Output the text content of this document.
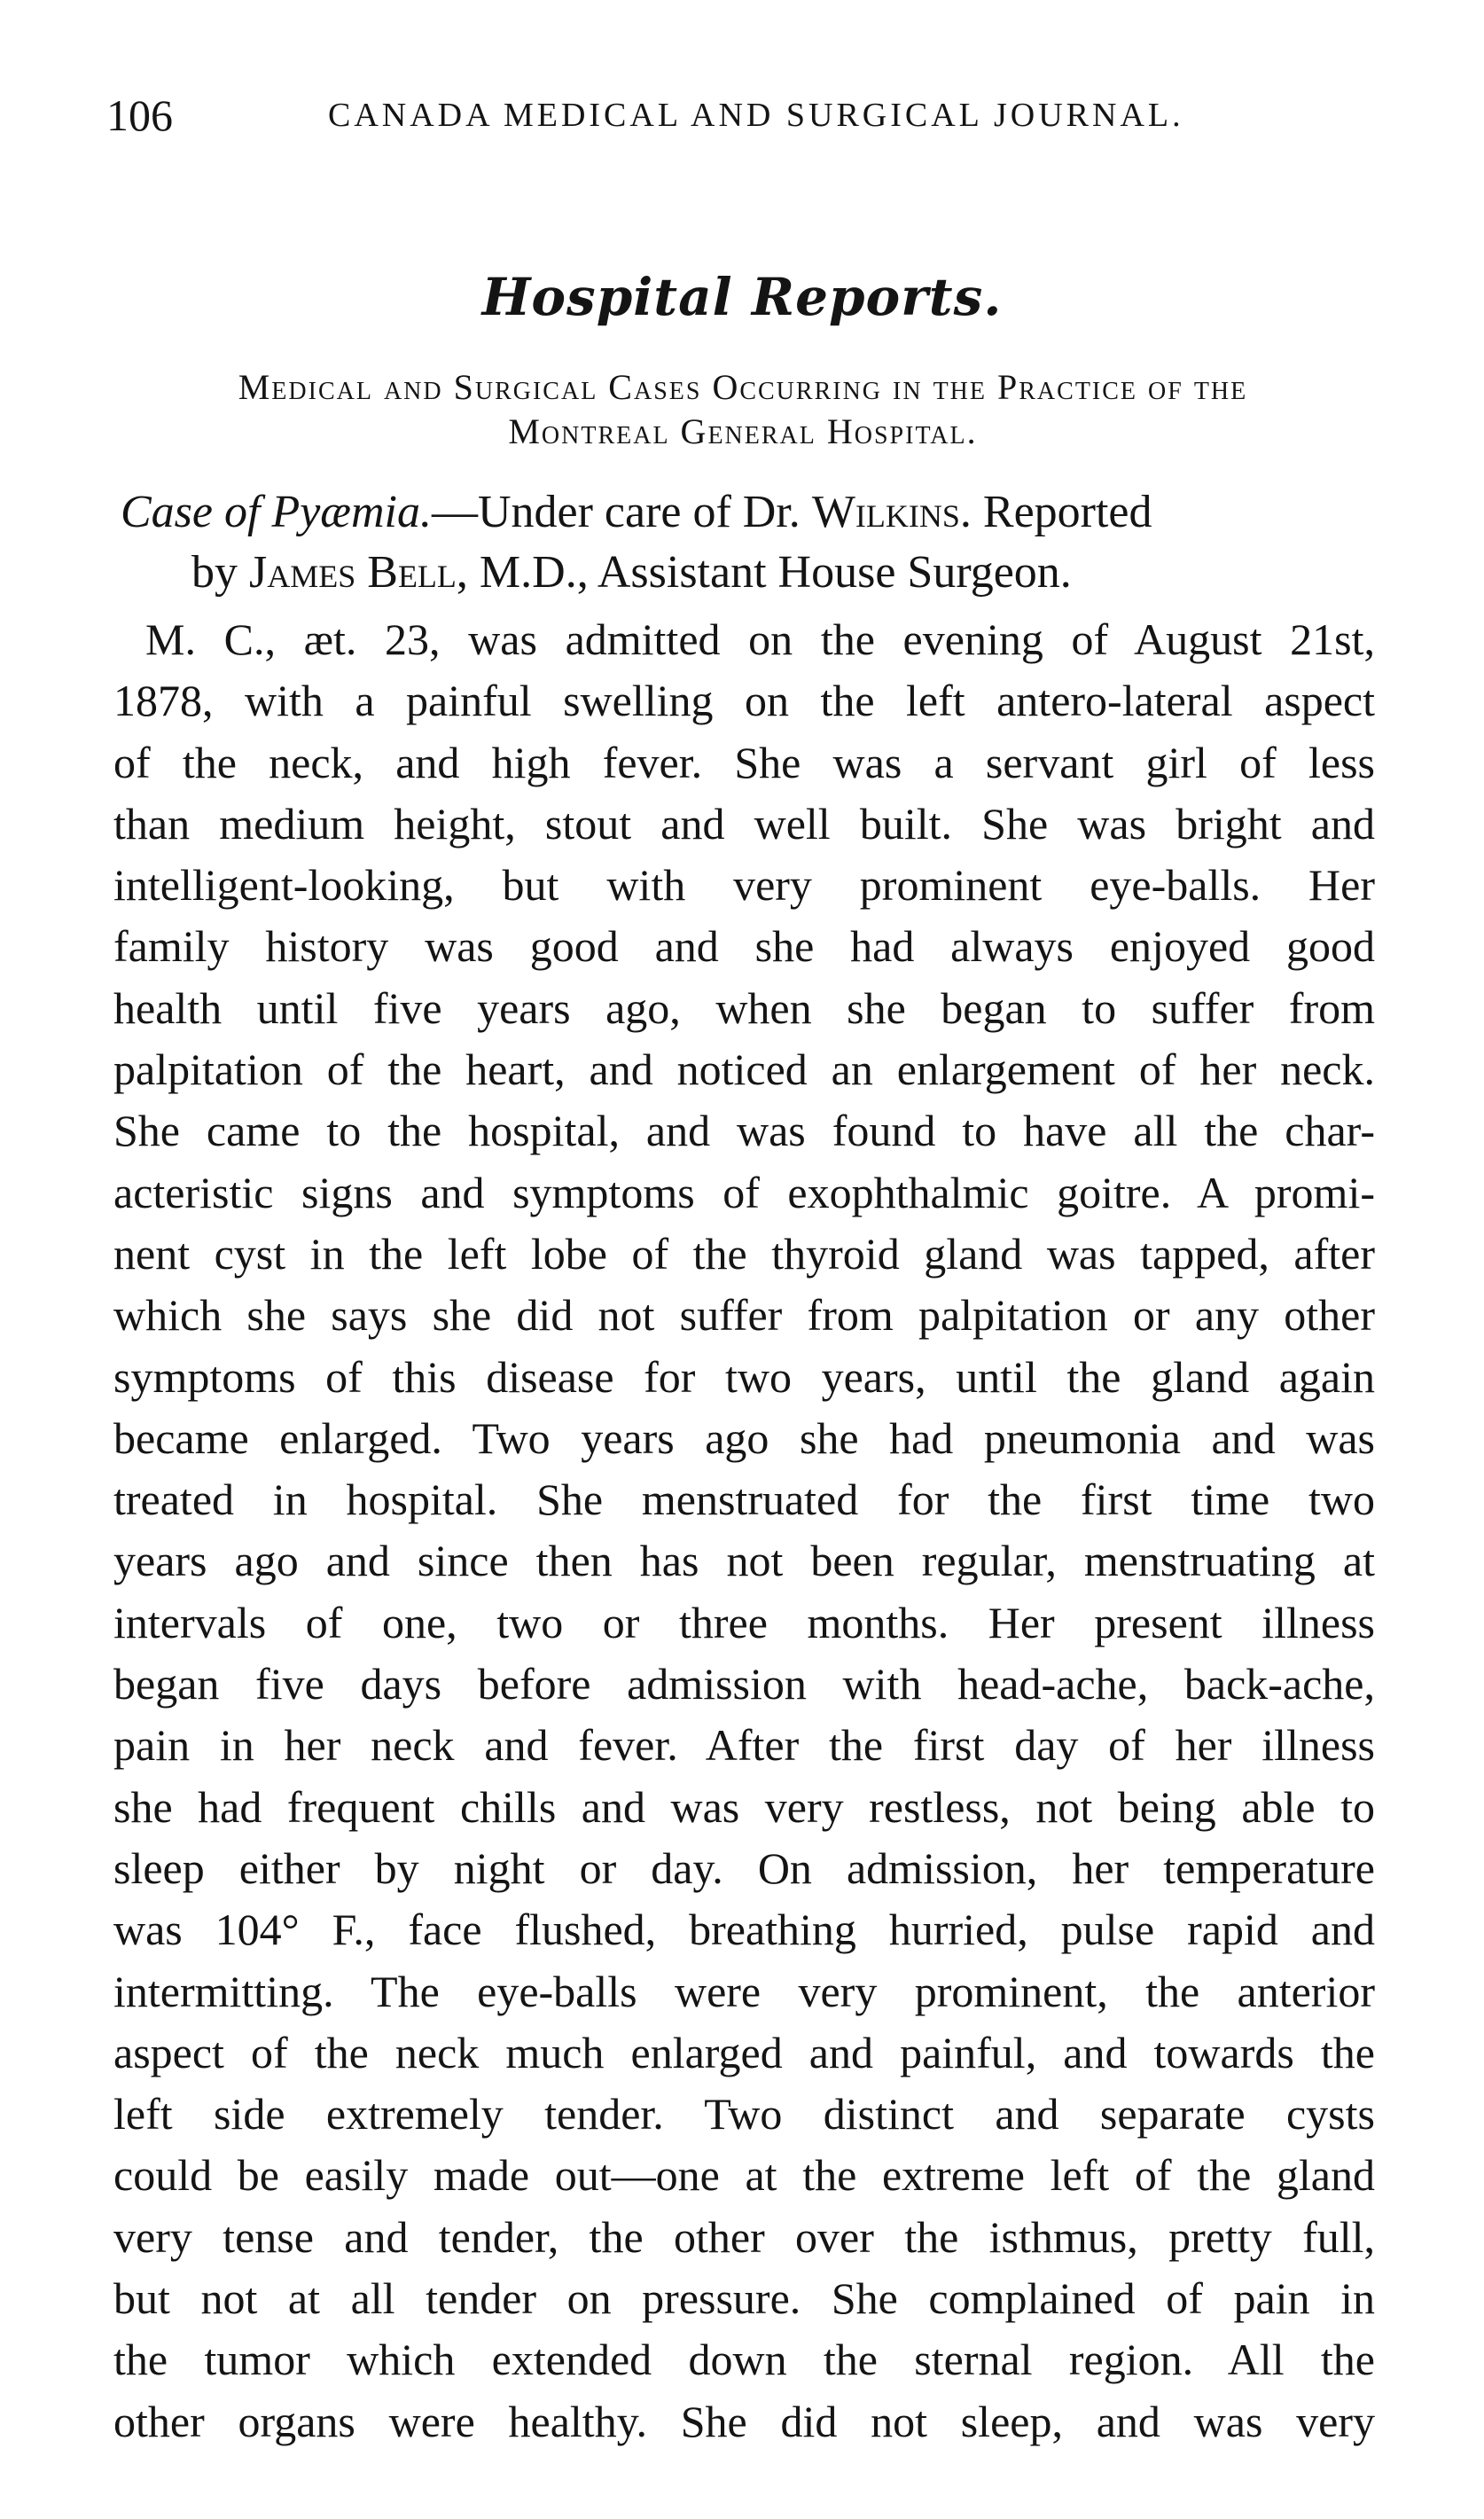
106	CANADA MEDICAL AND SURGICAL JOURNAL.
Hospital Reports.
Medical and Surgical Cases Occurring in the Practice of the
Montreal General Hospital.
Case of Pyæmia.—Under care of Dr. Wilkins. Reported
by James Bell, M.D., Assistant House Surgeon.
M. C., æt. 23, was admitted on the evening of August 21st,
1878, with a painful swelling on the left antero-lateral aspect
of the neck, and high fever. She was a servant girl of less
than medium height, stout and well built. She was bright and
intelligent-looking, but with very prominent eye-balls. Her
family history was good and she had always enjoyed good
health until five years ago, when she began to suffer from
palpitation of the heart, and noticed an enlargement of her neck.
She came to the hospital, and was found to have all the char-
acteristic signs and symptoms of exophthalmic goitre. A promi-
nent cyst in the left lobe of the thyroid gland was tapped, after
which she says she did not suffer from palpitation or any other
symptoms of this disease for two years, until the gland again
became enlarged. Two years ago she had pneumonia and was
treated in hospital. She menstruated for the first time two
years ago and since then has not been regular, menstruating at
intervals of one, two or three months. Her present illness
began five days before admission with head-ache, back-ache,
pain in her neck and fever. After the first day of her illness
she had frequent chills and was very restless, not being able to
sleep either by night or day. On admission, her temperature
was 104° F., face flushed, breathing hurried, pulse rapid and
intermitting. The eye-balls were very prominent, the anterior
aspect of the neck much enlarged and painful, and towards the
left side extremely tender. Two distinct and separate cysts
could be easily made out—one at the extreme left of the gland
very tense and tender, the other over the isthmus, pretty full,
but not at all tender on pressure. She complained of pain in
the tumor which extended down the sternal region. All the
other organs were healthy. She did not sleep, and was very
